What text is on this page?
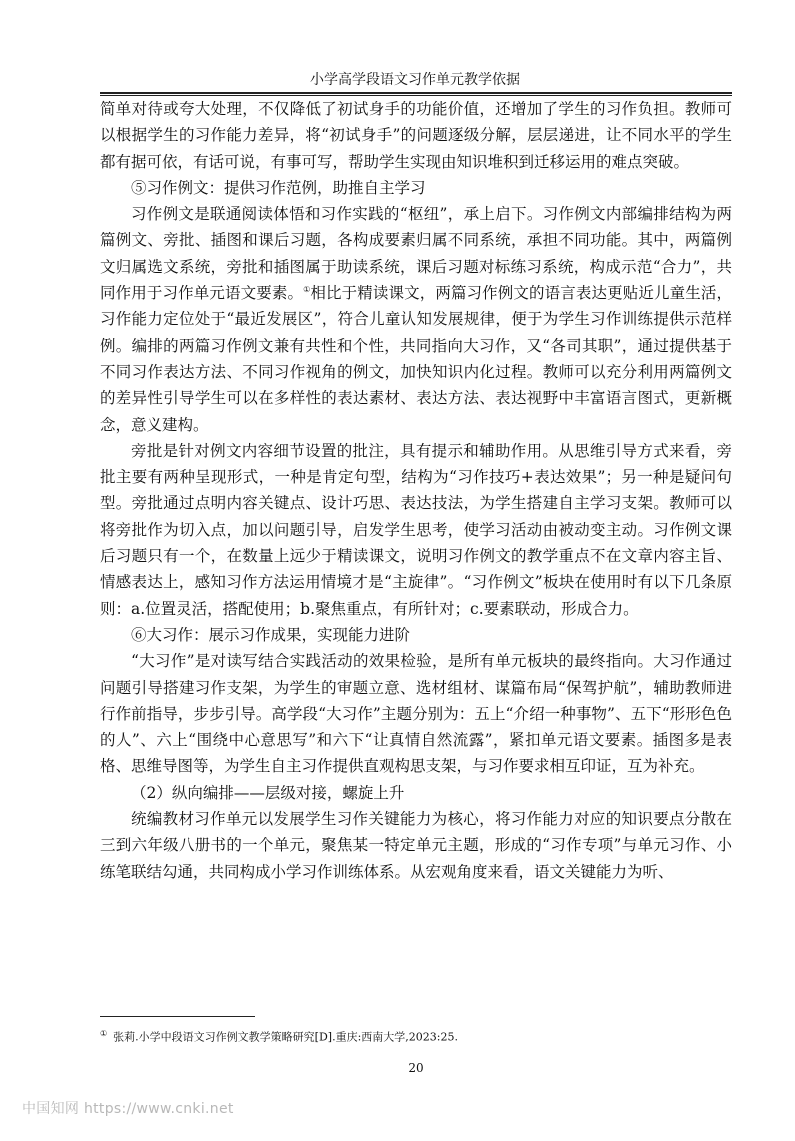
小学高学段语文习作单元教学依据

简单对待或夸大处理，不仅降低了初试身手的功能价值，还增加了学生的习作负担。教师可以根据学生的习作能力差异，将“初试身手”的问题逐级分解，层层递进，让不同水平的学生都有据可依，有话可说，有事可写，帮助学生实现由知识堆积到迁移运用的难点突破。

⑤习作例文：提供习作范例，助推自主学习

习作例文是联通阅读体悟和习作实践的“枢纽”，承上启下。习作例文内部编排结构为两篇例文、旁批、插图和课后习题，各构成要素归属不同系统，承担不同功能。其中，两篇例文归属选文系统，旁批和插图属于助读系统，课后习题对标练习系统，构成示范“合力”，共同作用于习作单元语文要素。①相比于精读课文，两篇习作例文的语言表达更贴近儿童生活，习作能力定位处于“最近发展区”，符合儿童认知发展规律，便于为学生习作训练提供示范样例。编排的两篇习作例文兼有共性和个性，共同指向大习作，又“各司其职”，通过提供基于不同习作表达方法、不同习作视角的例文，加快知识内化过程。教师可以充分利用两篇例文的差异性引导学生可以在多样性的表达素材、表达方法、表达视野中丰富语言图式，更新概念，意义建构。

旁批是针对例文内容细节设置的批注，具有提示和辅助作用。从思维引导方式来看，旁批主要有两种呈现形式，一种是肯定句型，结构为“习作技巧+表达效果”；另一种是疑问句型。旁批通过点明内容关键点、设计巧思、表达技法，为学生搭建自主学习支架。教师可以将旁批作为切入点，加以问题引导，启发学生思考，使学习活动由被动变主动。习作例文课后习题只有一个，在数量上远少于精读课文，说明习作例文的教学重点不在文章内容主旨、情感表达上，感知习作方法运用情境才是“主旋律”。“习作例文”板块在使用时有以下几条原则：a.位置灵活，搭配使用；b.聚焦重点，有所针对；c.要素联动，形成合力。

⑥大习作：展示习作成果，实现能力进阶

“大习作”是对读写结合实践活动的效果检验，是所有单元板块的最终指向。大习作通过问题引导搭建习作支架，为学生的审题立意、选材组材、谋篇布局“保驾护航”，辅助教师进行作前指导，步步引导。高学段“大习作”主题分别为：五上“介绍一种事物”、五下“形形色色的人”、六上“围绕中心意思写”和六下“让真情自然流露”，紧扣单元语文要素。插图多是表格、思维导图等，为学生自主习作提供直观构思支架，与习作要求相互印证，互为补充。

（2）纵向编排——层级对接，螺旋上升

统编教材习作单元以发展学生习作关键能力为核心，将习作能力对应的知识要点分散在三到六年级八册书的一个单元，聚焦某一特定单元主题，形成的“习作专项”与单元习作、小练笔联结勾通，共同构成小学习作训练体系。从宏观角度来看，语文关键能力为听、

① 张莉.小学中段语文习作例文教学策略研究[D].重庆:西南大学,2023:25.
20
中国知网 https://www.cnki.net
